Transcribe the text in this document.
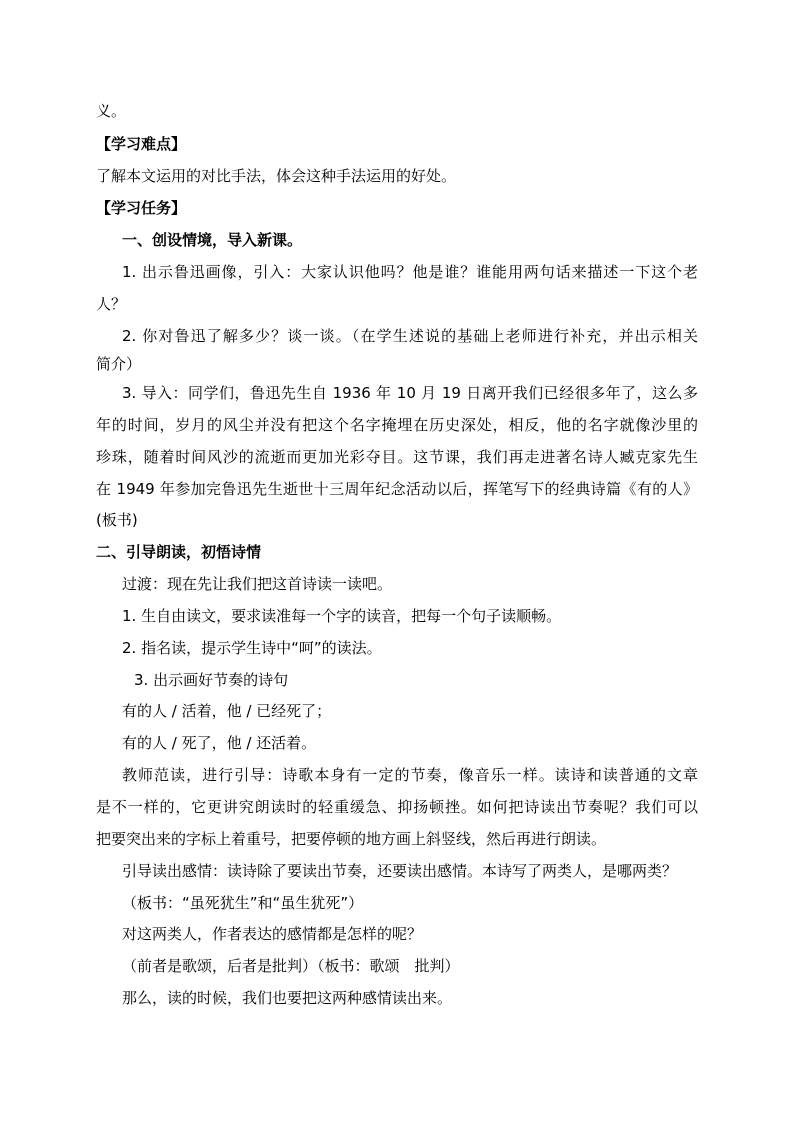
义。
【学习难点】
了解本文运用的对比手法，体会这种手法运用的好处。
【学习任务】
一、创设情境，导入新课。
1. 出示鲁迅画像，引入：大家认识他吗？他是谁？谁能用两句话来描述一下这个老
人？
2. 你对鲁迅了解多少？谈一谈。（在学生述说的基础上老师进行补充，并出示相关
简介）
3. 导入：同学们，鲁迅先生自 1936 年 10 月 19 日离开我们已经很多年了，这么多
年的时间，岁月的风尘并没有把这个名字掩埋在历史深处，相反，他的名字就像沙里的
珍珠，随着时间风沙的流逝而更加光彩夺目。这节课，我们再走进著名诗人臧克家先生
在 1949 年参加完鲁迅先生逝世十三周年纪念活动以后，挥笔写下的经典诗篇《有的人》
(板书)
二、引导朗读，初悟诗情
过渡：现在先让我们把这首诗读一读吧。
1. 生自由读文，要求读准每一个字的读音，把每一个句子读顺畅。
2. 指名读，提示学生诗中“呵”的读法。
3. 出示画好节奏的诗句
有的人 / 活着，他 / 已经死了；
有的人 / 死了，他 / 还活着。
教师范读，进行引导：诗歌本身有一定的节奏，像音乐一样。读诗和读普通的文章
是不一样的，它更讲究朗读时的轻重缓急、抑扬顿挫。如何把诗读出节奏呢？我们可以
把要突出来的字标上着重号，把要停顿的地方画上斜竖线，然后再进行朗读。
引导读出感情：读诗除了要读出节奏，还要读出感情。本诗写了两类人，是哪两类？
（板书：“虽死犹生”和“虽生犹死”）
对这两类人，作者表达的感情都是怎样的呢？
（前者是歌颂，后者是批判）（板书：歌颂　批判）
那么，读的时候，我们也要把这两种感情读出来。
